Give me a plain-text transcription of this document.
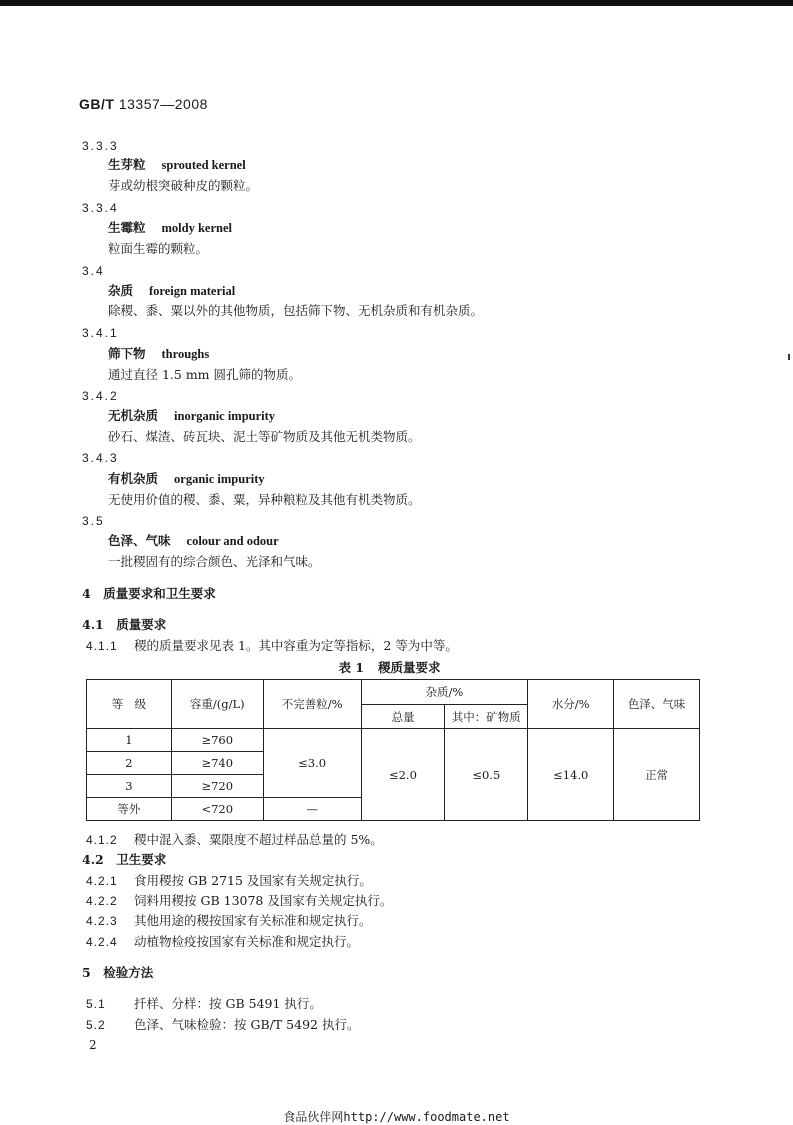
GB/T 13357—2008
3.3.3
生芽粒 sprouted kernel
芽或幼根突破种皮的颗粒。
3.3.4
生霉粒 moldy kernel
粒面生霉的颗粒。
3.4
杂质 foreign material
除稷、黍、粟以外的其他物质，包括筛下物、无机杂质和有机杂质。
3.4.1
筛下物 throughs
通过直径 1.5 mm 圆孔筛的物质。
3.4.2
无机杂质 inorganic impurity
砂石、煤渣、砖瓦块、泥土等矿物质及其他无机类物质。
3.4.3
有机杂质 organic impurity
无使用价值的稷、黍、粟，异种粮粒及其他有机类物质。
3.5
色泽、气味 colour and odour
一批稷固有的综合颜色、光泽和气味。
4　质量要求和卫生要求
4.1　质量要求
4.1.1 稷的质量要求见表 1。其中容重为定等指标，2 等为中等。
表 1 稷质量要求
等　级	容重/(g/L)	不完善粒/%	杂质/%		水分/%	色泽、气味
			总量	其中：矿物质		
1	≥760	≤3.0	≤2.0	≤0.5	≤14.0	正常
2	≥740					
3	≥720					
等外	<720	—				
4.1.2 稷中混入黍、粟限度不超过样品总量的 5%。
4.2　卫生要求
4.2.1 食用稷按 GB 2715 及国家有关规定执行。
4.2.2 饲料用稷按 GB 13078 及国家有关规定执行。
4.2.3 其他用途的稷按国家有关标准和规定执行。
4.2.4 动植物检疫按国家有关标准和规定执行。
5　检验方法
5.1 扦样、分样：按 GB 5491 执行。
5.2 色泽、气味检验：按 GB/T 5492 执行。
2
食品伙伴网http://www.foodmate.net
